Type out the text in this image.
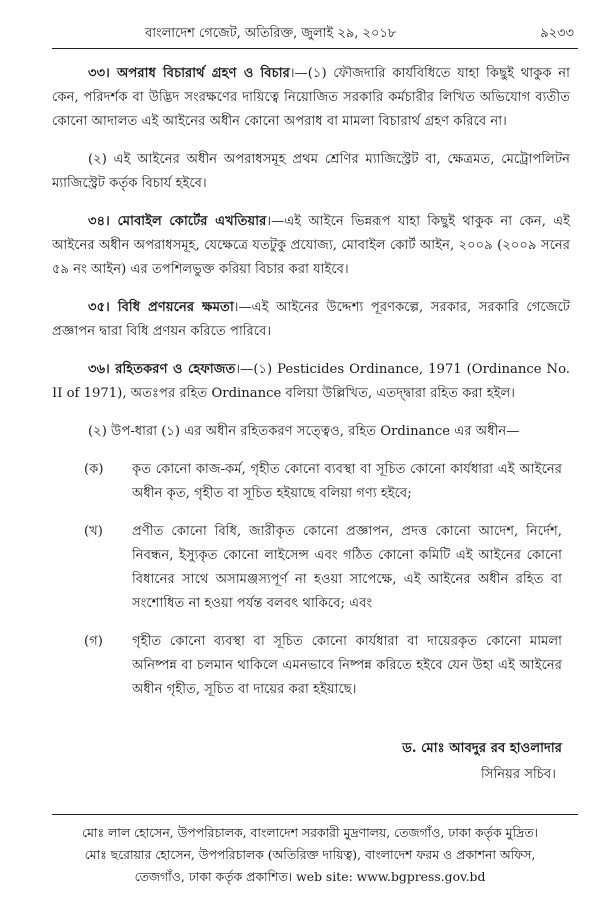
বাংলাদেশ গেজেট, অতিরিক্ত, জুলাই ২৯, ২০১৮	৯২৩৩

৩৩। অপরাধ বিচারার্থ গ্রহণ ও বিচার।—(১) ফৌজদারি কার্যবিধিতে যাহা কিছুই থাকুক না কেন, পরিদর্শক বা উদ্ভিদ সংরক্ষণের দায়িত্বে নিয়োজিত সরকারি কর্মচারীর লিখিত অভিযোগ ব্যতীত কোনো আদালত এই আইনের অধীন কোনো অপরাধ বা মামলা বিচারার্থ গ্রহণ করিবে না।

(২) এই আইনের অধীন অপরাধসমূহ প্রথম শ্রেণির ম্যাজিস্ট্রেট বা, ক্ষেত্রমত, মেট্রোপলিটন ম্যাজিস্ট্রেট কর্তৃক বিচার্য হইবে।

৩৪। মোবাইল কোর্টের এখতিয়ার।—এই আইনে ভিন্নরূপ যাহা কিছুই থাকুক না কেন, এই আইনের অধীন অপরাধসমূহ, যেক্ষেত্রে যতটুকু প্রযোজ্য, মোবাইল কোর্ট আইন, ২০০৯ (২০০৯ সনের ৫৯ নং আইন) এর তপশিলভুক্ত করিয়া বিচার করা যাইবে।

৩৫। বিধি প্রণয়নের ক্ষমতা।—এই আইনের উদ্দেশ্য পূরণকল্পে, সরকার, সরকারি গেজেটে প্রজ্ঞাপন দ্বারা বিধি প্রণয়ন করিতে পারিবে।

৩৬। রহিতকরণ ও হেফাজত।—(১) Pesticides Ordinance, 1971 (Ordinance No. II of 1971), অতঃপর রহিত Ordinance বলিয়া উল্লিখিত, এতদ্দ্বারা রহিত করা হইল।

(২) উপ-ধারা (১) এর অধীন রহিতকরণ সত্ত্বেও, রহিত Ordinance এর অধীন—

(ক) কৃত কোনো কাজ-কর্ম, গৃহীত কোনো ব্যবস্থা বা সূচিত কোনো কার্যধারা এই আইনের অধীন কৃত, গৃহীত বা সূচিত হইয়াছে বলিয়া গণ্য হইবে;

(খ) প্রণীত কোনো বিধি, জারীকৃত কোনো প্রজ্ঞাপন, প্রদত্ত কোনো আদেশ, নির্দেশ, নিবন্ধন, ইস্যুকৃত কোনো লাইসেন্স এবং গঠিত কোনো কমিটি এই আইনের কোনো বিধানের সাথে অসামঞ্জস্যপূর্ণ না হওয়া সাপেক্ষে, এই আইনের অধীন রহিত বা সংশোধিত না হওয়া পর্যন্ত বলবৎ থাকিবে; এবং

(গ) গৃহীত কোনো ব্যবস্থা বা সূচিত কোনো কার্যধারা বা দায়েরকৃত কোনো মামলা অনিষ্পন্ন বা চলমান থাকিলে এমনভাবে নিষ্পন্ন করিতে হইবে যেন উহা এই আইনের অধীন গৃহীত, সূচিত বা দায়ের করা হইয়াছে।

ড. মোঃ আবদুর রব হাওলাদার
সিনিয়র সচিব।
মোঃ লাল হোসেন, উপপরিচালক, বাংলাদেশ সরকারী মুদ্রণালয়, তেজগাঁও, ঢাকা কর্তৃক মুদ্রিত।
মোঃ ছরোয়ার হোসেন, উপপরিচালক (অতিরিক্ত দায়িত্ব), বাংলাদেশ ফরম ও প্রকাশনা অফিস,
তেজগাঁও, ঢাকা কর্তৃক প্রকাশিত। web site: www.bgpress.gov.bd
